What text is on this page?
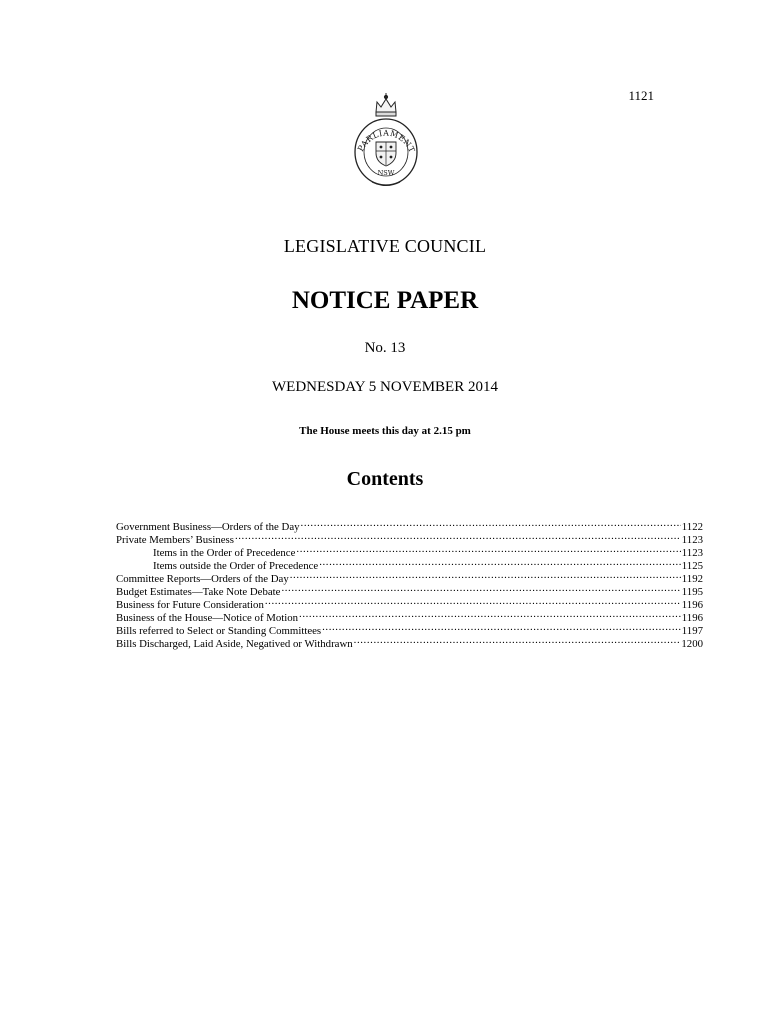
1121
PARLIAMENT
NSW
LEGISLATIVE COUNCIL
NOTICE PAPER
No. 13
WEDNESDAY 5 NOVEMBER 2014
The House meets this day at 2.15 pm
Contents
Government Business—Orders of the Day .....	1122
Private Members’ Business .....	1123
Items in the Order of Precedence .....	1123
Items outside the Order of Precedence .....	1125
Committee Reports—Orders of the Day .....	1192
Budget Estimates—Take Note Debate .....	1195
Business for Future Consideration .....	1196
Business of the House—Notice of Motion .....	1196
Bills referred to Select or Standing Committees .....	1197
Bills Discharged, Laid Aside, Negatived or Withdrawn .....	1200
